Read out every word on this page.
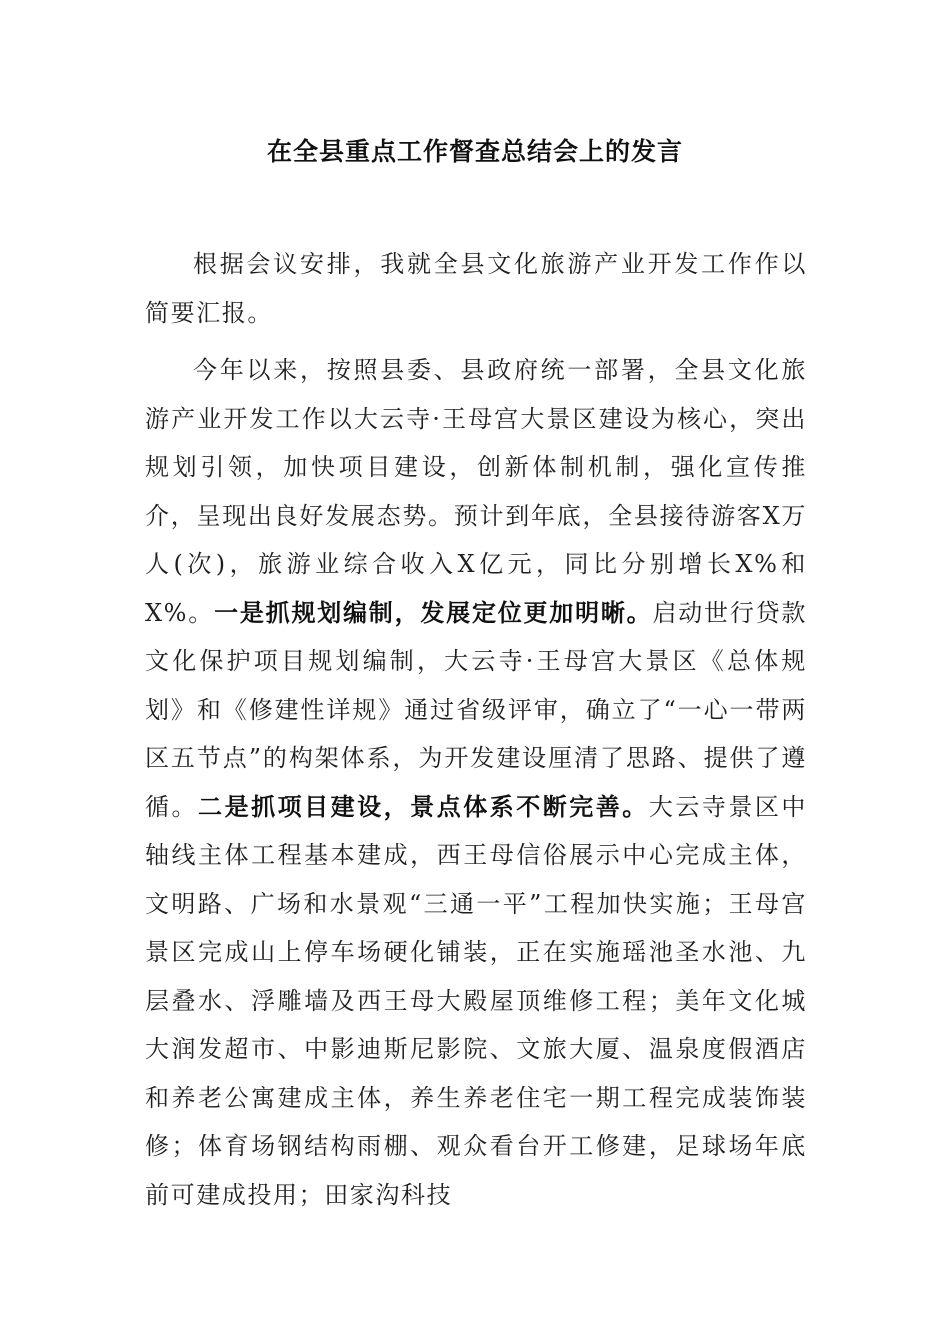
在全县重点工作督查总结会上的发言

根据会议安排，我就全县文化旅游产业开发工作作以简要汇报。

今年以来，按照县委、县政府统一部署，全县文化旅游产业开发工作以大云寺·王母宫大景区建设为核心，突出规划引领，加快项目建设，创新体制机制，强化宣传推介，呈现出良好发展态势。预计到年底，全县接待游客X万人(次)，旅游业综合收入X亿元，同比分别增长X%和X%。一是抓规划编制，发展定位更加明晰。启动世行贷款文化保护项目规划编制，大云寺·王母宫大景区《总体规划》和《修建性详规》通过省级评审，确立了“一心一带两区五节点”的构架体系，为开发建设厘清了思路、提供了遵循。二是抓项目建设，景点体系不断完善。大云寺景区中轴线主体工程基本建成，西王母信俗展示中心完成主体，文明路、广场和水景观“三通一平”工程加快实施；王母宫景区完成山上停车场硬化铺装，正在实施瑶池圣水池、九层叠水、浮雕墙及西王母大殿屋顶维修工程；美年文化城大润发超市、中影迪斯尼影院、文旅大厦、温泉度假酒店和养老公寓建成主体，养生养老住宅一期工程完成装饰装修；体育场钢结构雨棚、观众看台开工修建，足球场年底前可建成投用；田家沟科技
